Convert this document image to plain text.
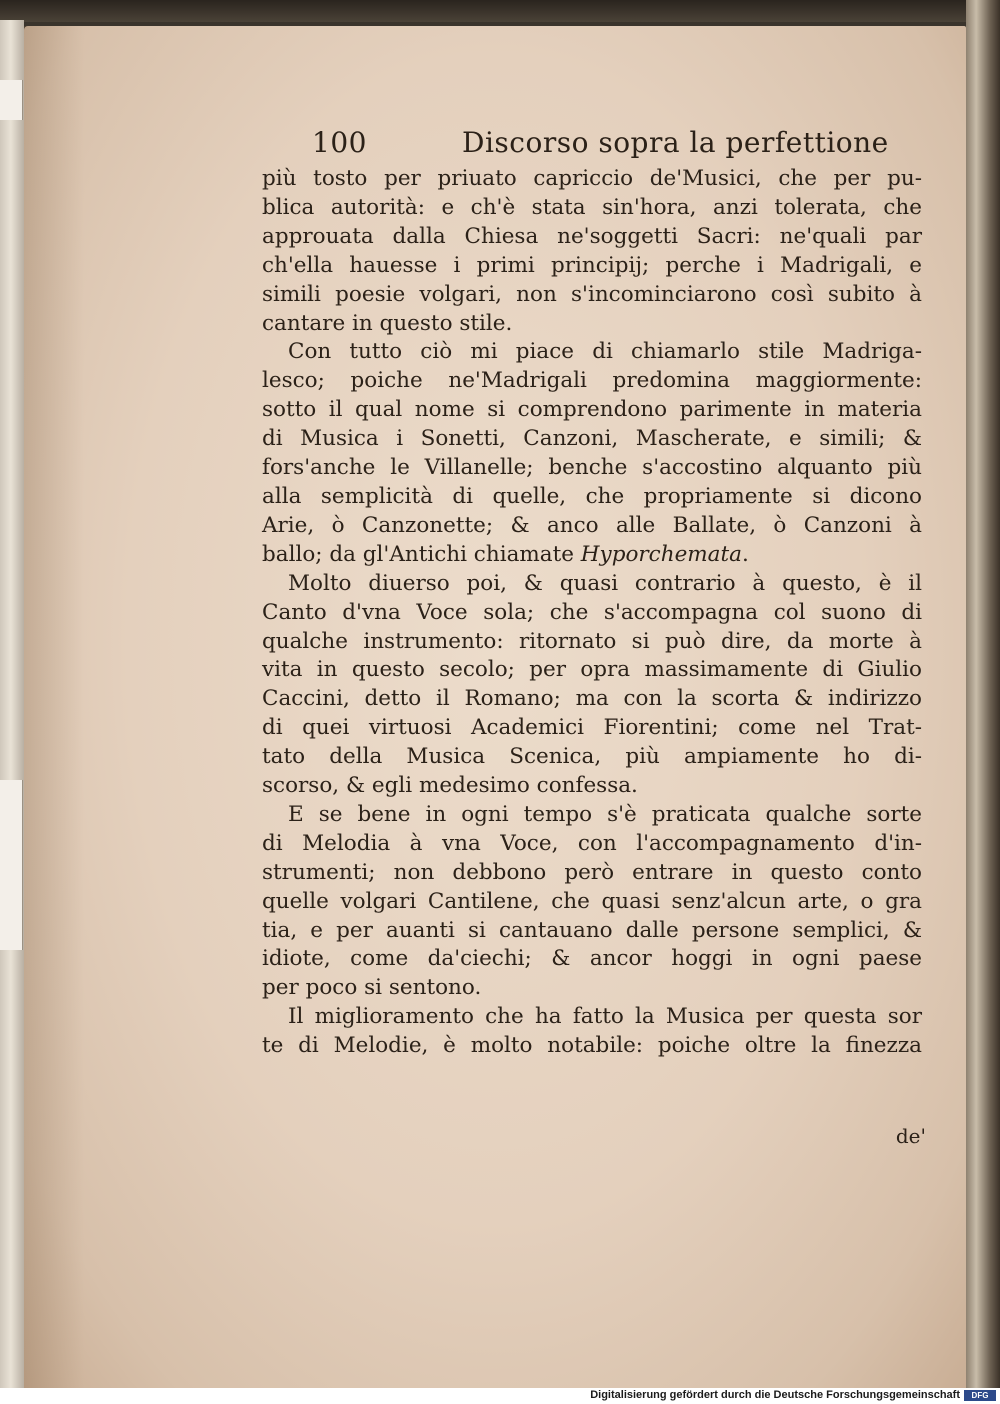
100	Discorso sopra la perfettione
più tosto per priuato capriccio de'Musici, che per pu-
blica autorità: e ch'è stata sin'hora, anzi tolerata, che
approuata dalla Chiesa ne'soggetti Sacri: ne'quali par
ch'ella hauesse i primi principij; perche i Madrigali, e
simili poesie volgari, non s'incominciarono così subito à
cantare in questo stile.
Con tutto ciò mi piace di chiamarlo stile Madriga-
lesco; poiche ne'Madrigali predomina maggiormente:
sotto il qual nome si comprendono parimente in materia
di Musica i Sonetti, Canzoni, Mascherate, e simili; &
fors'anche le Villanelle; benche s'accostino alquanto più
alla semplicità di quelle, che propriamente si dicono
Arie, ò Canzonette; & anco alle Ballate, ò Canzoni à
ballo; da gl'Antichi chiamate Hyporchemata.
Molto diuerso poi, & quasi contrario à questo, è il
Canto d'vna Voce sola; che s'accompagna col suono di
qualche instrumento: ritornato si può dire, da morte à
vita in questo secolo; per opra massimamente di Giulio
Caccini, detto il Romano; ma con la scorta & indirizzo
di quei virtuosi Academici Fiorentini; come nel Trat-
tato della Musica Scenica, più ampiamente ho di-
scorso, & egli medesimo confessa.
E se bene in ogni tempo s'è praticata qualche sorte
di Melodia à vna Voce, con l'accompagnamento d'in-
strumenti; non debbono però entrare in questo conto
quelle volgari Cantilene, che quasi senz'alcun arte, o gra
tia, e per auanti si cantauano dalle persone semplici, &
idiote, come da'ciechi; & ancor hoggi in ogni paese
per poco si sentono.
Il miglioramento che ha fatto la Musica per questa sor
te di Melodie, è molto notabile: poiche oltre la finezza
de'
Digitalisierung gefördert durch die Deutsche Forschungsgemeinschaft	DFG
